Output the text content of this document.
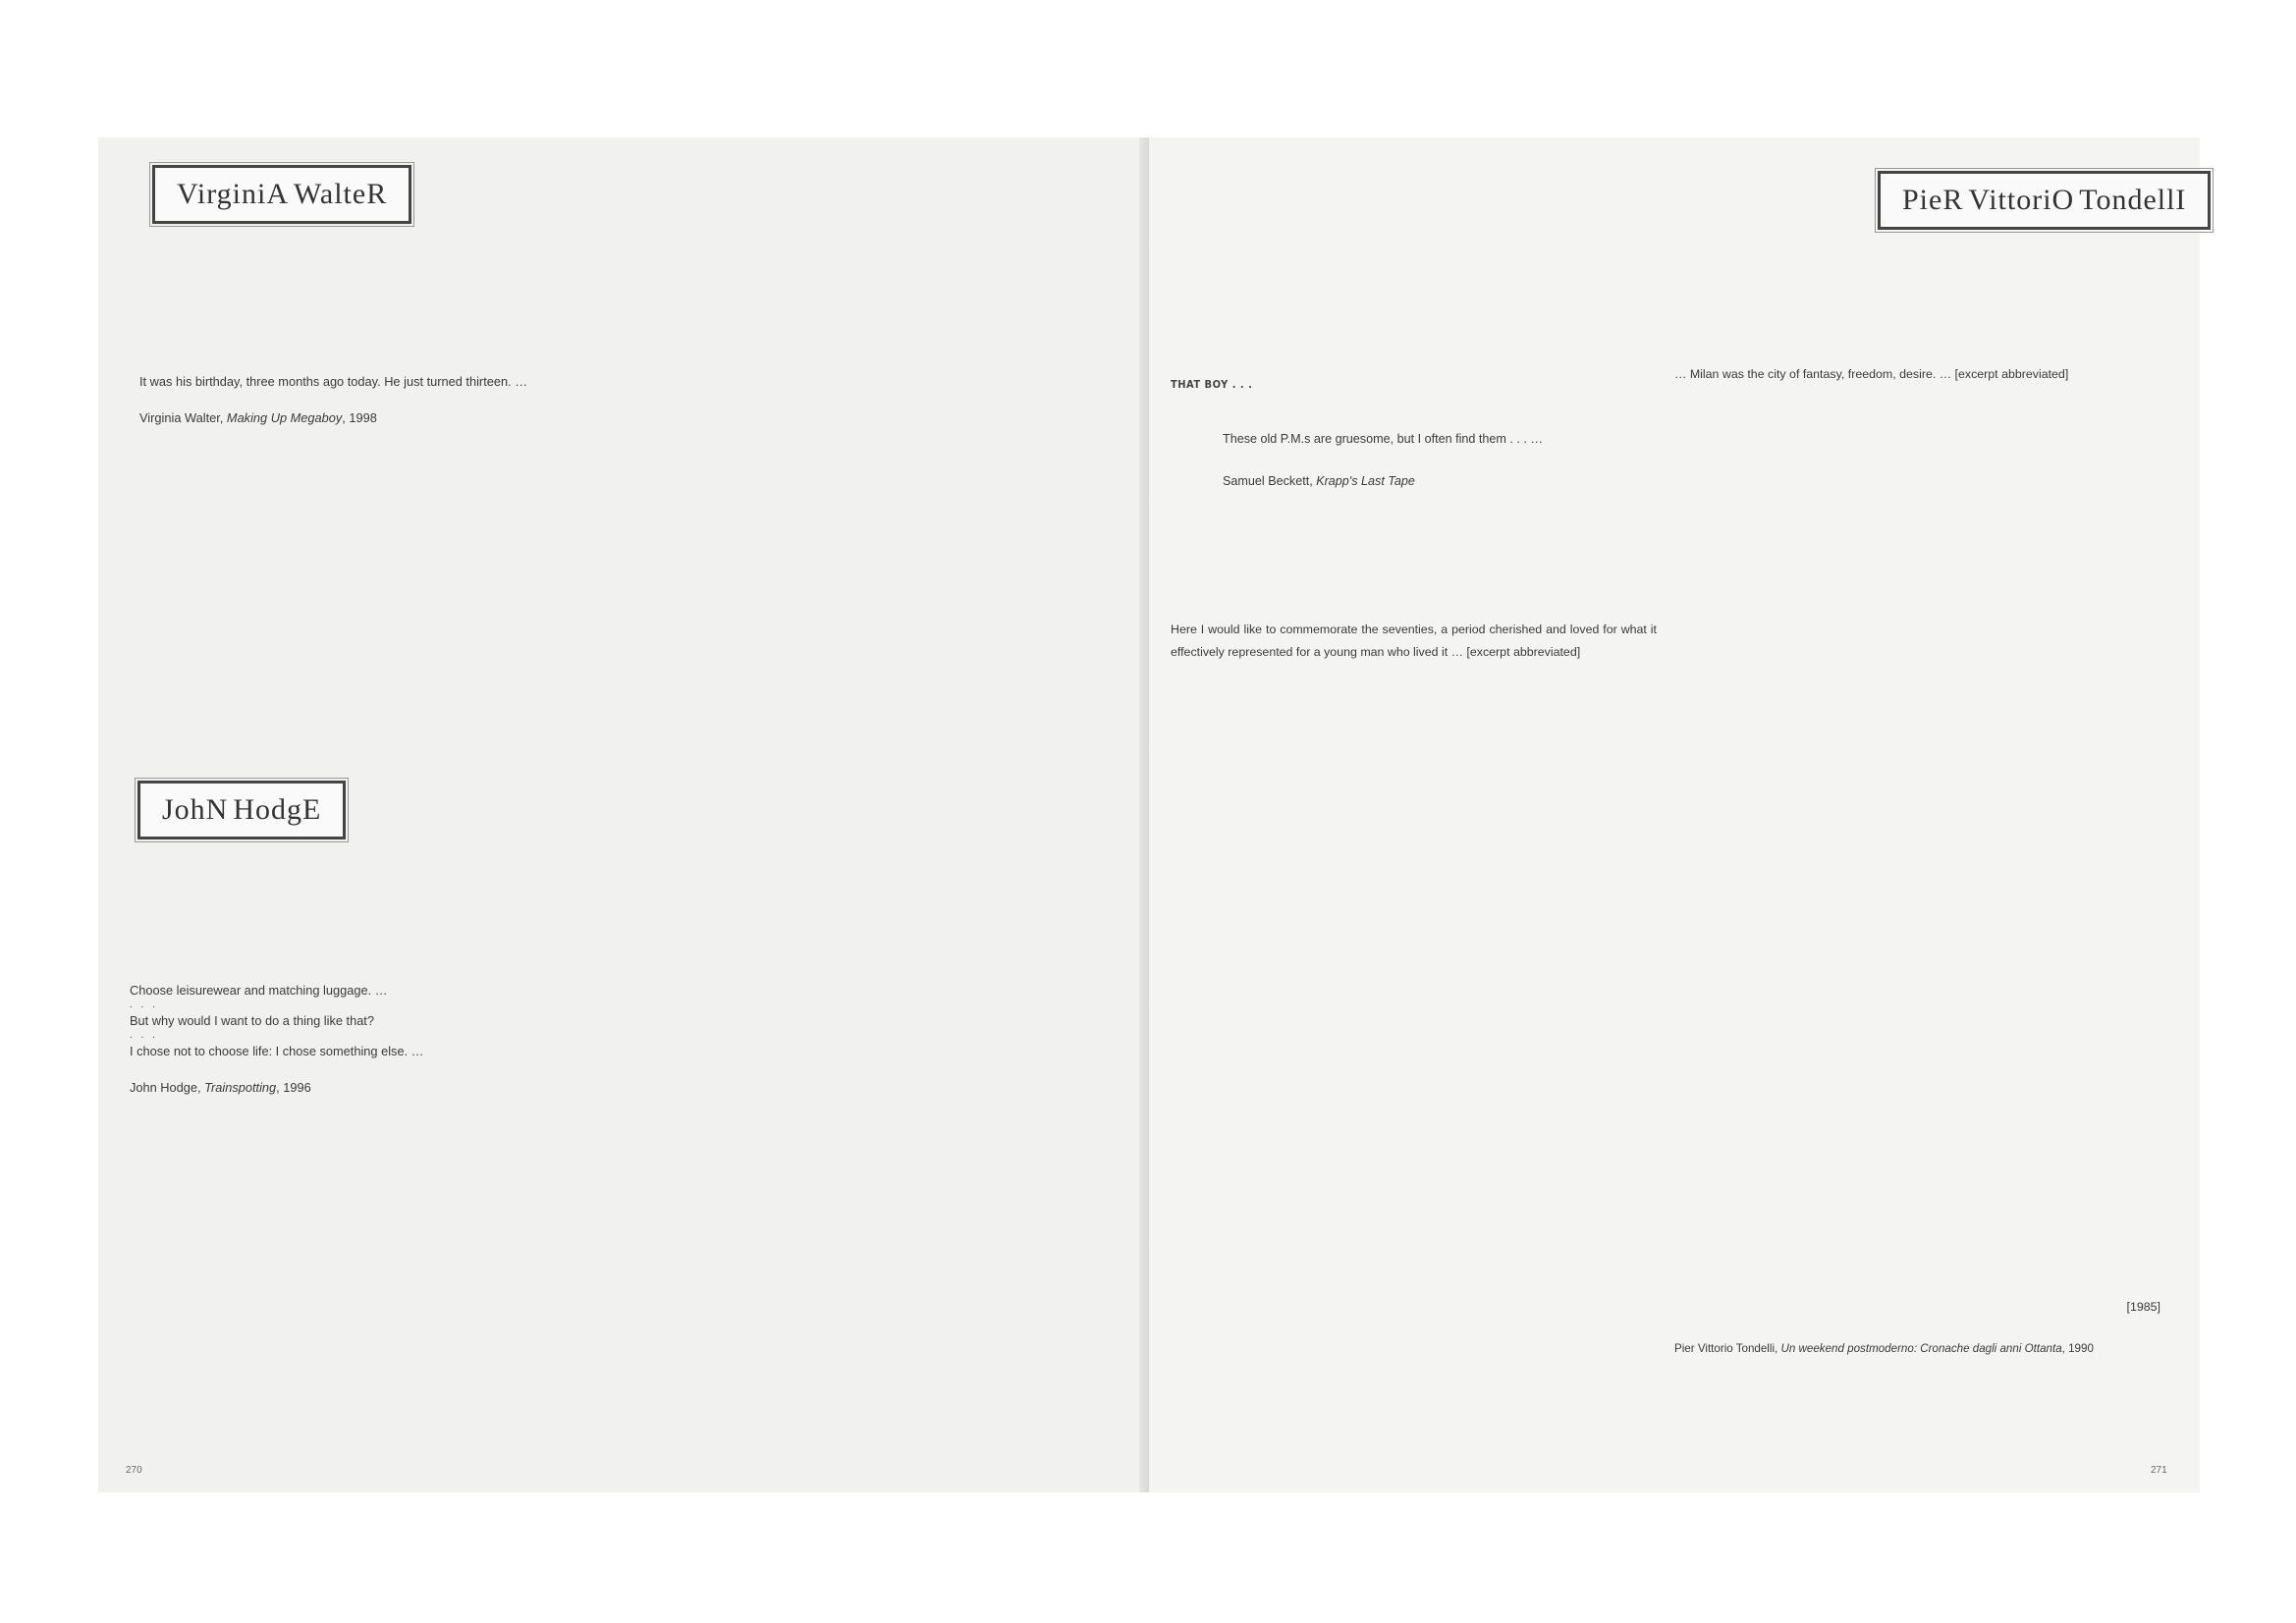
VirginiA WalteR

It was his birthday, three months ago today. He just turned thirteen. …

Virginia Walter, Making Up Megaboy, 1998

JohN HodgE

Choose leisurewear and matching luggage. …

. . .

But why would I want to do a thing like that?

. . .

I chose not to choose life: I chose something else. …

John Hodge, Trainspotting, 1996

270
PieR VittoriO TondellI
THAT BOY . . .

These old P.M.s are gruesome, but I often find them . . . …

Samuel Beckett, Krapp's Last Tape

Here I would like to commemorate the seventies, a period cherished and loved for what it effectively represented for a young man who lived it … [excerpt abbreviated]

… Milan was the city of fantasy, freedom, desire. … [excerpt abbreviated]

[1985]

Pier Vittorio Tondelli, Un weekend postmoderno: Cronache dagli anni Ottanta, 1990

271
